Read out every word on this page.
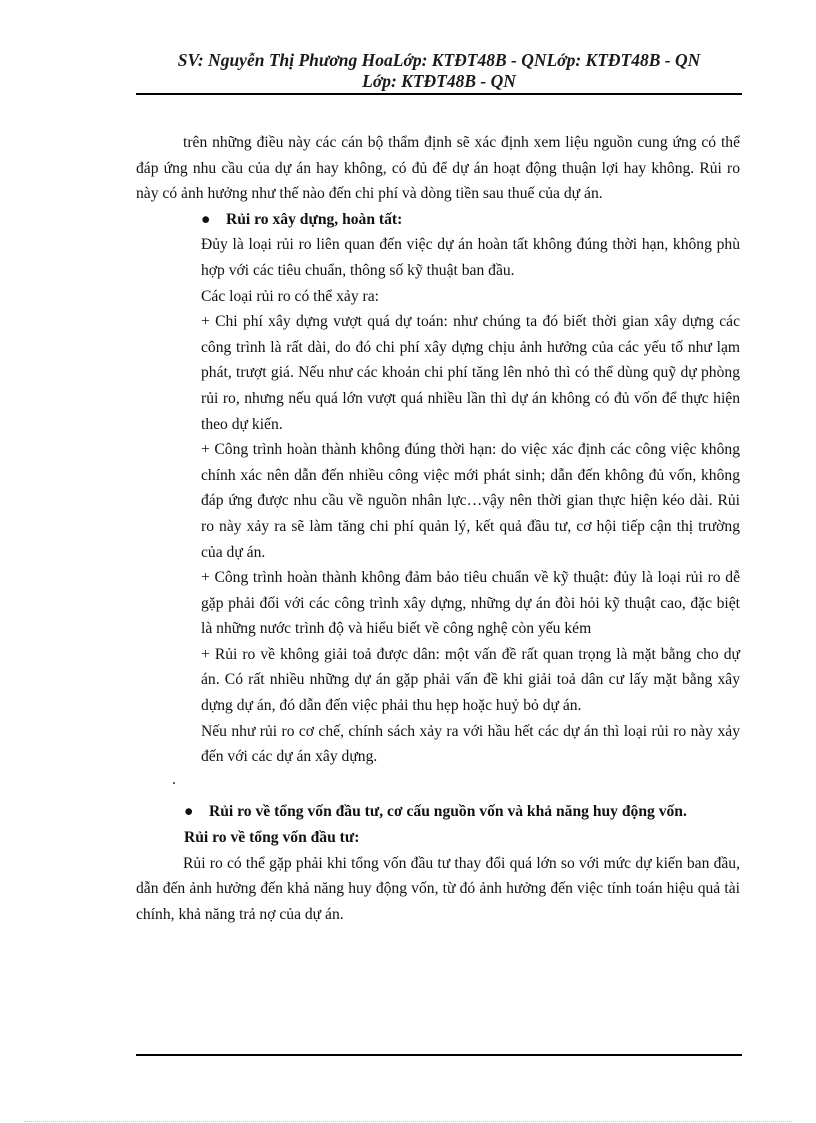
SV: Nguyễn Thị Phương HoaLớp: KTĐT48B - QNLớp: KTĐT48B - QN
Lớp: KTĐT48B - QN

trên những điều này các cán bộ thẩm định sẽ xác định xem liệu nguồn cung ứng có thể đáp ứng nhu cầu của dự án hay không, có đủ để dự án hoạt động thuận lợi hay không. Rủi ro này có ảnh hưởng như thế nào đến chi phí và dòng tiền sau thuế của dự án.

● Rủi ro xây dựng, hoàn tất:

Đủy là loại rủi ro liên quan đến việc dự án hoàn tất không đúng thời hạn, không phù hợp với các tiêu chuẩn, thông số kỹ thuật ban đầu.

Các loại rủi ro có thể xảy ra:

+ Chi phí xây dựng vượt quá dự toán: như chúng ta đó biết thời gian xây dựng các công trình là rất dài, do đó chi phí xây dựng chịu ảnh hưởng của các yếu tố như lạm phát, trượt giá. Nếu như các khoản chi phí tăng lên nhỏ thì có thể dùng quỹ dự phòng rủi ro, nhưng nếu quá lớn vượt quá nhiều lần thì dự án không có đủ vốn để thực hiện theo dự kiến.

+ Công trình hoàn thành không đúng thời hạn: do việc xác định các công việc không chính xác nên dẫn đến nhiều công việc mới phát sinh; dẫn đến không đủ vốn, không đáp ứng được nhu cầu về nguồn nhân lực…vậy nên thời gian thực hiện kéo dài. Rủi ro này xảy ra sẽ làm tăng chi phí quản lý, kết quả đầu tư, cơ hội tiếp cận thị trường của dự án.

+ Công trình hoàn thành không đảm bảo tiêu chuẩn về kỹ thuật: đủy là loại rủi ro dễ gặp phải đối với các công trình xây dựng, những dự án đòi hỏi kỹ thuật cao, đặc biệt là những nước trình độ và hiểu biết về công nghệ còn yếu kém

+ Rủi ro về không giải toả được dân: một vấn đề rất quan trọng là mặt bằng cho dự án. Có rất nhiều những dự án gặp phải vấn đề khi giải toả dân cư lấy mặt bằng xây dựng dự án, đó dẫn đến việc phải thu hẹp hoặc huỷ bỏ dự án.

Nếu như rủi ro cơ chế, chính sách xảy ra với hầu hết các dự án thì loại rủi ro này xảy đến với các dự án xây dựng.

.

● Rủi ro về tổng vốn đầu tư, cơ cấu nguồn vốn và khả năng huy động vốn.

Rủi ro về tổng vốn đầu tư:

Rủi ro có thể gặp phải khi tổng vốn đầu tư thay đổi quá lớn so với mức dự kiến ban đầu, dẫn đến ảnh hưởng đến khả năng huy động vốn, từ đó ảnh hưởng đến việc tính toán hiệu quả tài chính, khả năng trả nợ của dự án.
